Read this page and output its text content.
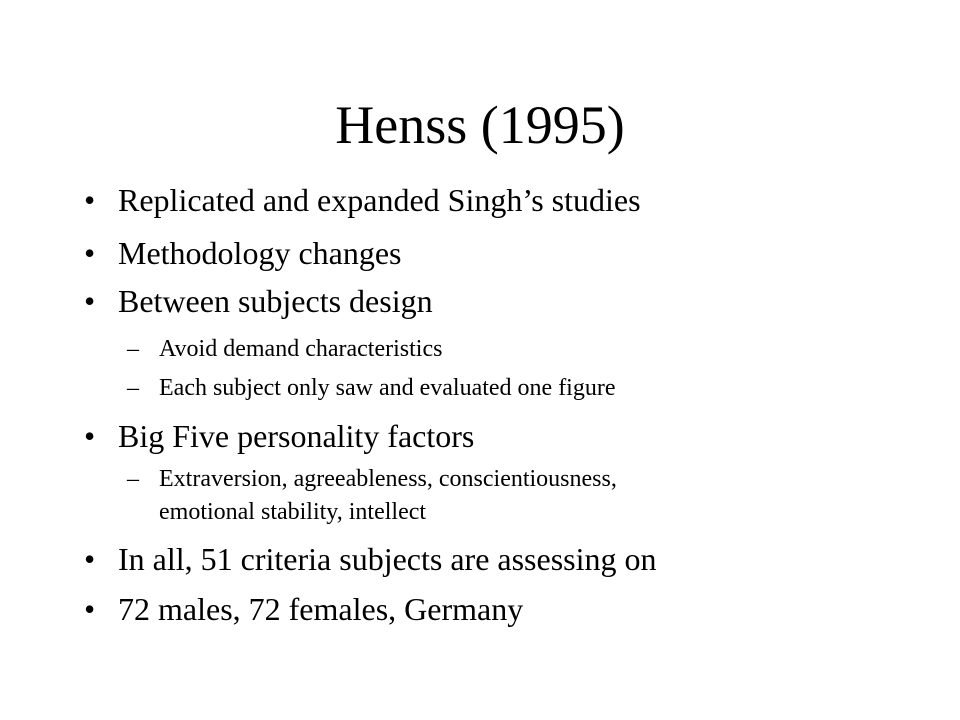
Henss (1995)
• Replicated and expanded Singh’s studies
• Methodology changes
• Between subjects design
– Avoid demand characteristics
– Each subject only saw and evaluated one figure
• Big Five personality factors
– Extraversion, agreeableness, conscientiousness,
emotional stability, intellect
• In all, 51 criteria subjects are assessing on
• 72 males, 72 females, Germany
